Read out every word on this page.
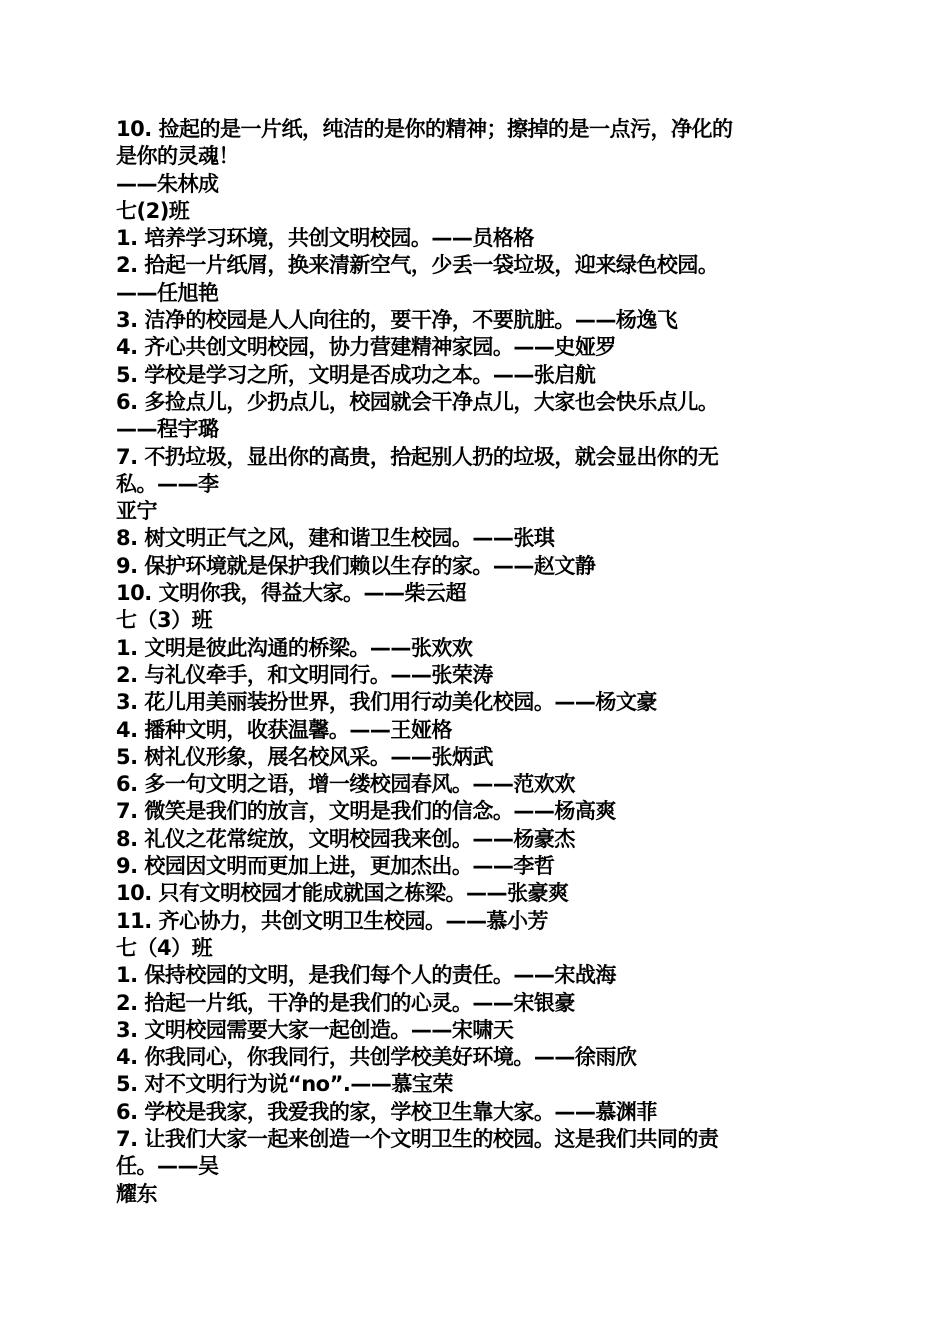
10. 捡起的是一片纸，纯洁的是你的精神；擦掉的是一点污，净化的
是你的灵魂！
——朱林成
七(2)班
1. 培养学习环境，共创文明校园。——员格格
2. 拾起一片纸屑，换来清新空气，少丢一袋垃圾，迎来绿色校园。
——任旭艳
3. 洁净的校园是人人向往的，要干净，不要肮脏。——杨逸飞
4. 齐心共创文明校园，协力营建精神家园。——史娅罗
5. 学校是学习之所，文明是否成功之本。——张启航
6. 多捡点儿，少扔点儿，校园就会干净点儿，大家也会快乐点儿。
——程宇璐
7. 不扔垃圾，显出你的高贵，拾起别人扔的垃圾，就会显出你的无
私。——李
亚宁
8. 树文明正气之风，建和谐卫生校园。——张琪
9. 保护环境就是保护我们赖以生存的家。——赵文静
10. 文明你我，得益大家。——柴云超
七（3）班
1. 文明是彼此沟通的桥梁。——张欢欢
2. 与礼仪牵手，和文明同行。——张荣涛
3. 花儿用美丽装扮世界，我们用行动美化校园。——杨文豪
4. 播种文明，收获温馨。——王娅格
5. 树礼仪形象，展名校风采。——张炳武
6. 多一句文明之语，增一缕校园春风。——范欢欢
7. 微笑是我们的放言，文明是我们的信念。——杨高爽
8. 礼仪之花常绽放，文明校园我来创。——杨豪杰
9. 校园因文明而更加上进，更加杰出。——李哲
10. 只有文明校园才能成就国之栋梁。——张豪爽
11. 齐心协力，共创文明卫生校园。——慕小芳
七（4）班
1. 保持校园的文明，是我们每个人的责任。——宋战海
2. 拾起一片纸，干净的是我们的心灵。——宋银豪
3. 文明校园需要大家一起创造。——宋啸天
4. 你我同心，你我同行，共创学校美好环境。——徐雨欣
5. 对不文明行为说“no”.——慕宝荣
6. 学校是我家，我爱我的家，学校卫生靠大家。——慕渊菲
7. 让我们大家一起来创造一个文明卫生的校园。这是我们共同的责
任。——吴
耀东
